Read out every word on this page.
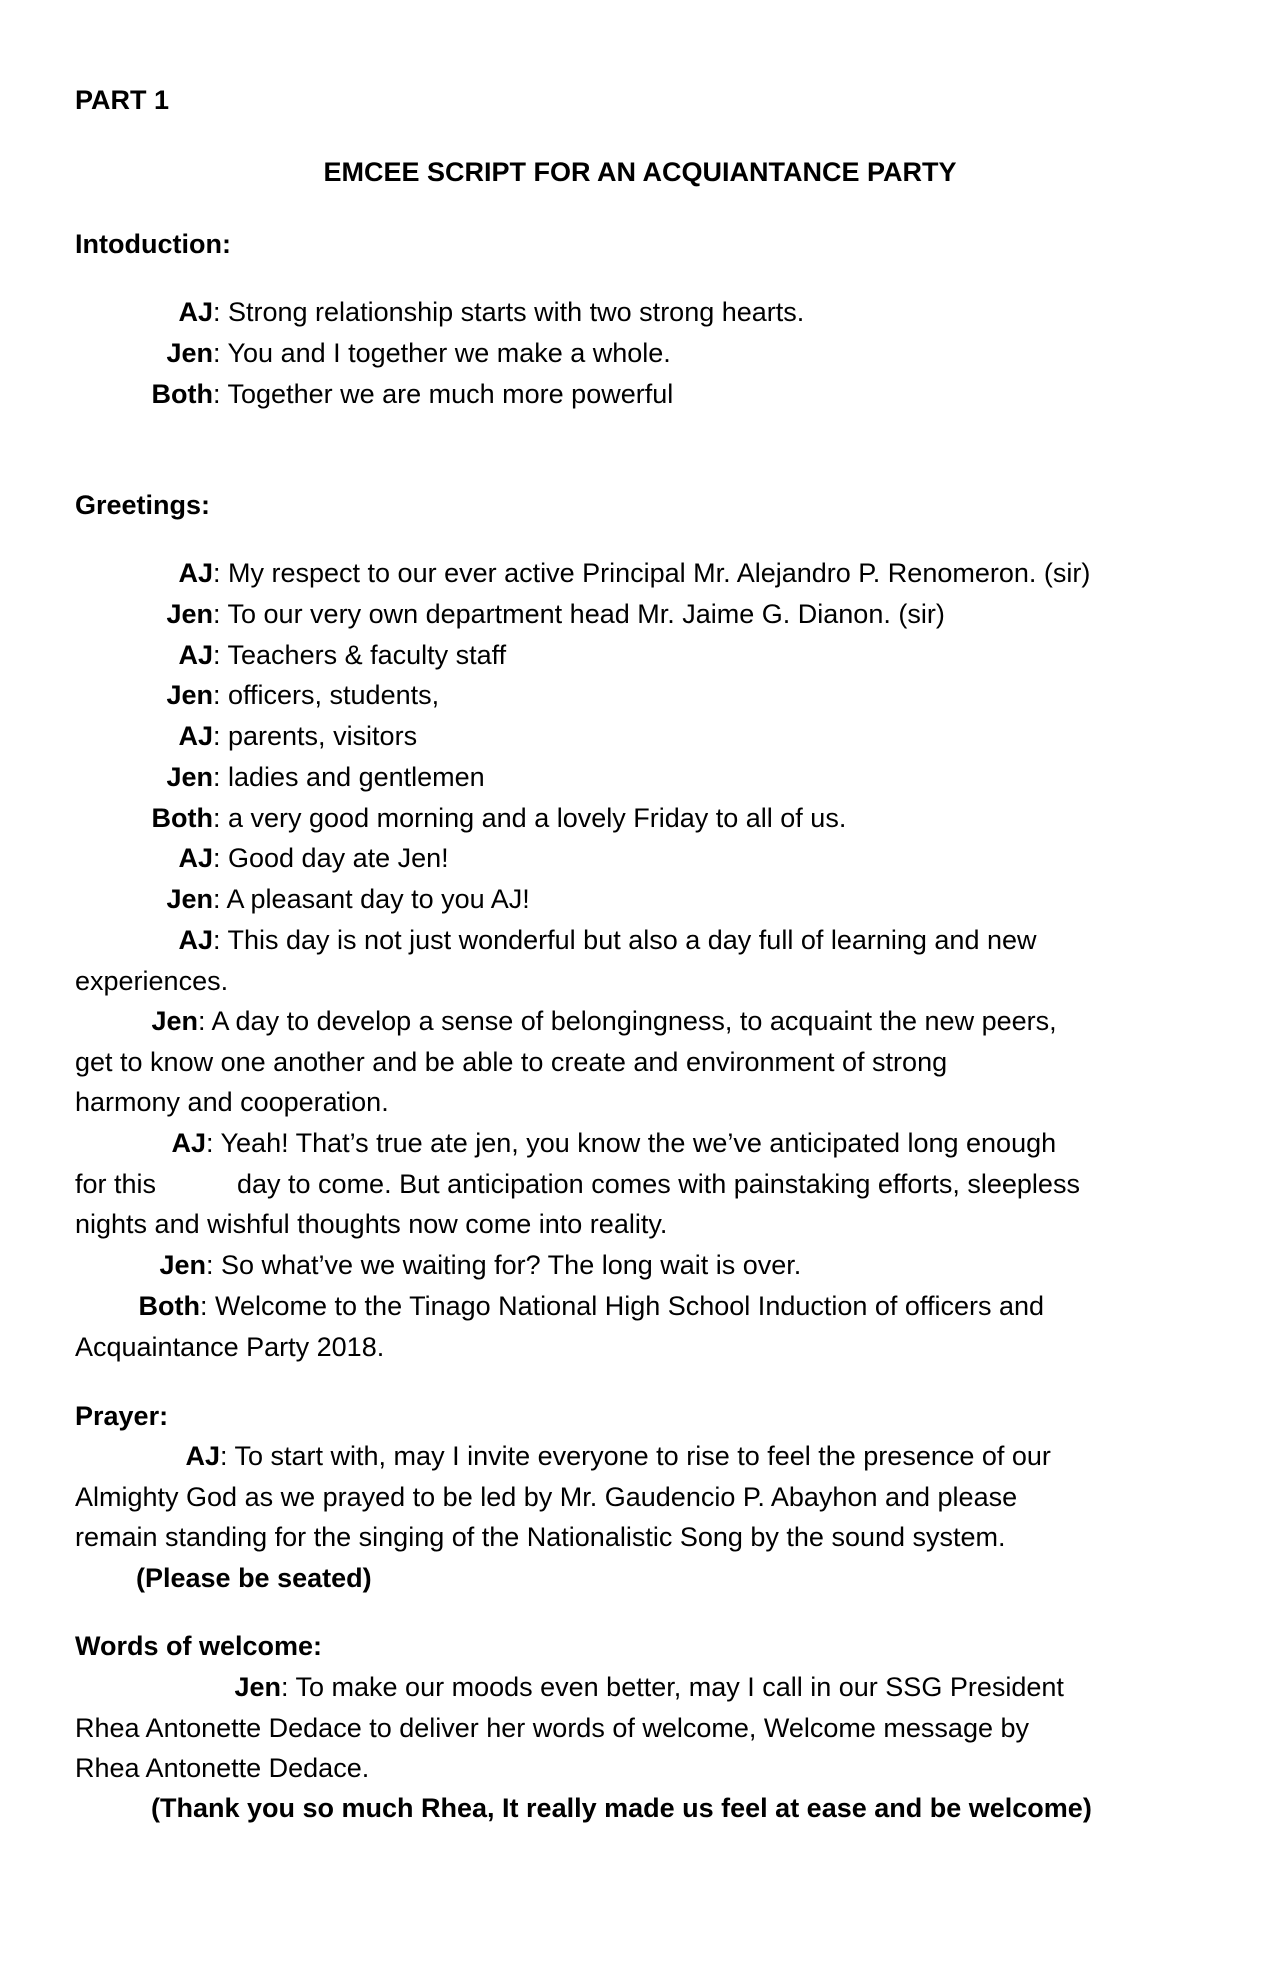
PART 1
EMCEE SCRIPT FOR AN ACQUIANTANCE PARTY
Intoduction:
AJ: Strong relationship starts with two strong hearts.
Jen: You and I together we make a whole.
Both: Together we are much more powerful
Greetings:
AJ: My respect to our ever active Principal Mr. Alejandro P. Renomeron. (sir)
Jen: To our very own department head Mr. Jaime G. Dianon. (sir)
AJ: Teachers & faculty staff
Jen: officers, students,
AJ: parents, visitors
Jen: ladies and gentlemen
Both: a very good morning and a lovely Friday to all of us.
AJ: Good day ate Jen!
Jen: A pleasant day to you AJ!
AJ: This day is not just wonderful but also a day full of learning and new
experiences.
Jen: A day to develop a sense of belongingness, to acquaint the new peers,
get to know one another and be able to create and environment of strong
harmony and cooperation.
AJ: Yeah! That’s true ate jen, you know the we’ve anticipated long enough
for this	day to come. But anticipation comes with painstaking efforts, sleepless
nights and wishful thoughts now come into reality.
Jen: So what’ve we waiting for? The long wait is over.
Both: Welcome to the Tinago National High School Induction of officers and
Acquaintance Party 2018.
Prayer:
AJ: To start with, may I invite everyone to rise to feel the presence of our
Almighty God as we prayed to be led by Mr. Gaudencio P. Abayhon and please
remain standing for the singing of the Nationalistic Song by the sound system.
(Please be seated)
Words of welcome:
Jen: To make our moods even better, may I call in our SSG President
Rhea Antonette Dedace to deliver her words of welcome, Welcome message by
Rhea Antonette Dedace.
(Thank you so much Rhea, It really made us feel at ease and be welcome)
